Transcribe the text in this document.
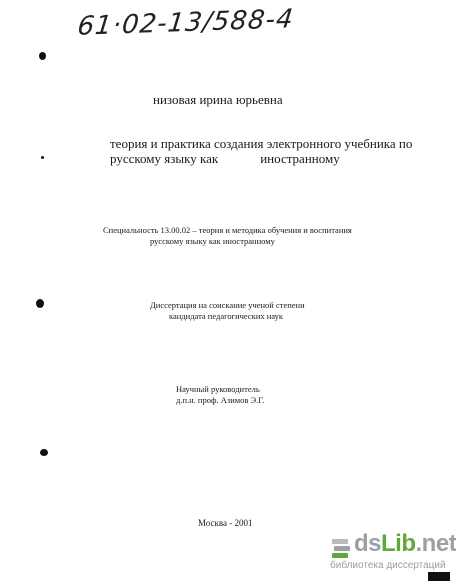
61·02-13/588-4
низовая ирина юрьевна
теория и практика создания электронного учебника по
русскому языку как	иностранному
Специальность 13.00.02 – теория и методика обучения и воспитания
русскому языку как иностранному
Диссертация на соискание ученой степени
кандидата педагогических наук
Научный руководитель
д.п.н. проф. Азимов Э.Г.
Москва - 2001
dsLib.net
библиотека диссертаций
